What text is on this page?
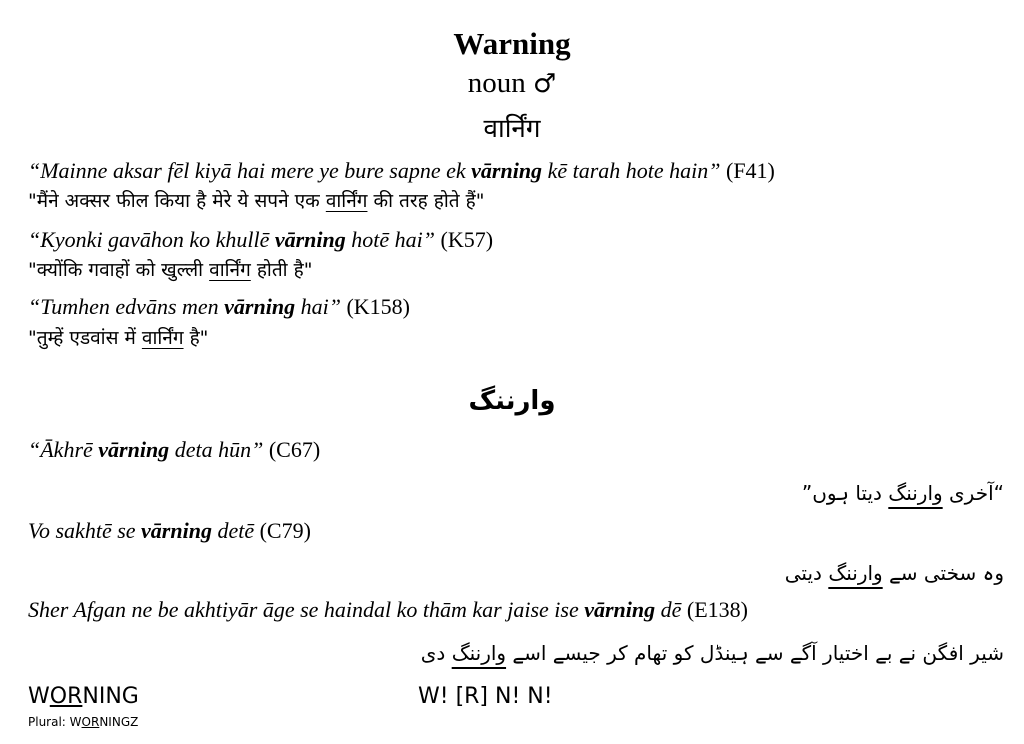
Warning
noun ♂
वार्निंग
“Mainne aksar fēl kiyā hai mere ye bure sapne ek vārning kē tarah hote hain” (F41)
"मैंने अक्सर फील किया है मेरे ये सपने एक वार्निंग की तरह होते हैं"
“Kyonki gavāhon ko khullē vārning hotē hai” (K57)
"क्योंकि गवाहों को खुल्ली वार्निंग होती है"
“Tumhen edvāns men vārning hai” (K158)
"तुम्हें एडवांस में वार्निंग है"
وارننگ
“Ākhrē vārning deta hūn” (C67)
“آخری وارننگ دیتا ہوں”
Vo sakhtē se vārning detē (C79)
وہ سختی سے وارننگ دیتی
Sher Afgan ne be akhtiyār āge se haindal ko thām kar jaise ise vārning dē (E138)
شیر افگن نے بے اختیار آگے سے ہینڈل کو تھام کر جیسے اسے وارننگ دی
WORNING
Plural: WORNINGZ
W! [R] N! N!
